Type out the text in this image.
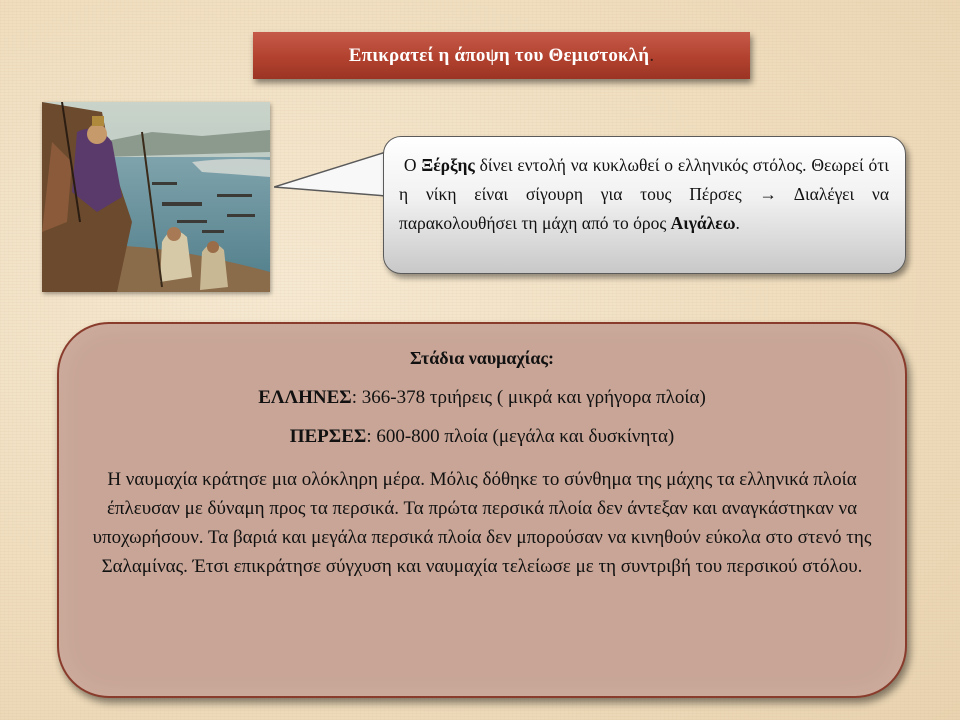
Επικρατεί η άποψη του Θεμιστοκλή .
Ο Ξέρξης δίνει εντολή να κυκλωθεί ο ελληνικός στόλος. Θεωρεί ότι η νίκη είναι σίγουρη για τους Πέρσες → Διαλέγει να παρακολουθήσει τη μάχη από το όρος Αιγάλεω.

Στάδια ναυμαχίας:

ΕΛΛΗΝΕΣ: 366-378 τριήρεις ( μικρά και γρήγορα πλοία)

ΠΕΡΣΕΣ: 600-800 πλοία (μεγάλα και δυσκίνητα)

Η ναυμαχία κράτησε μια ολόκληρη μέρα. Μόλις δόθηκε το σύνθημα της μάχης τα ελληνικά πλοία έπλευσαν με δύναμη προς τα περσικά. Τα πρώτα περσικά πλοία δεν άντεξαν και αναγκάστηκαν να υποχωρήσουν. Τα βαριά και μεγάλα περσικά πλοία δεν μπορούσαν να κινηθούν εύκολα στο στενό της Σαλαμίνας. Έτσι επικράτησε σύγχυση και ναυμαχία τελείωσε με τη συντριβή του περσικού στόλου.
